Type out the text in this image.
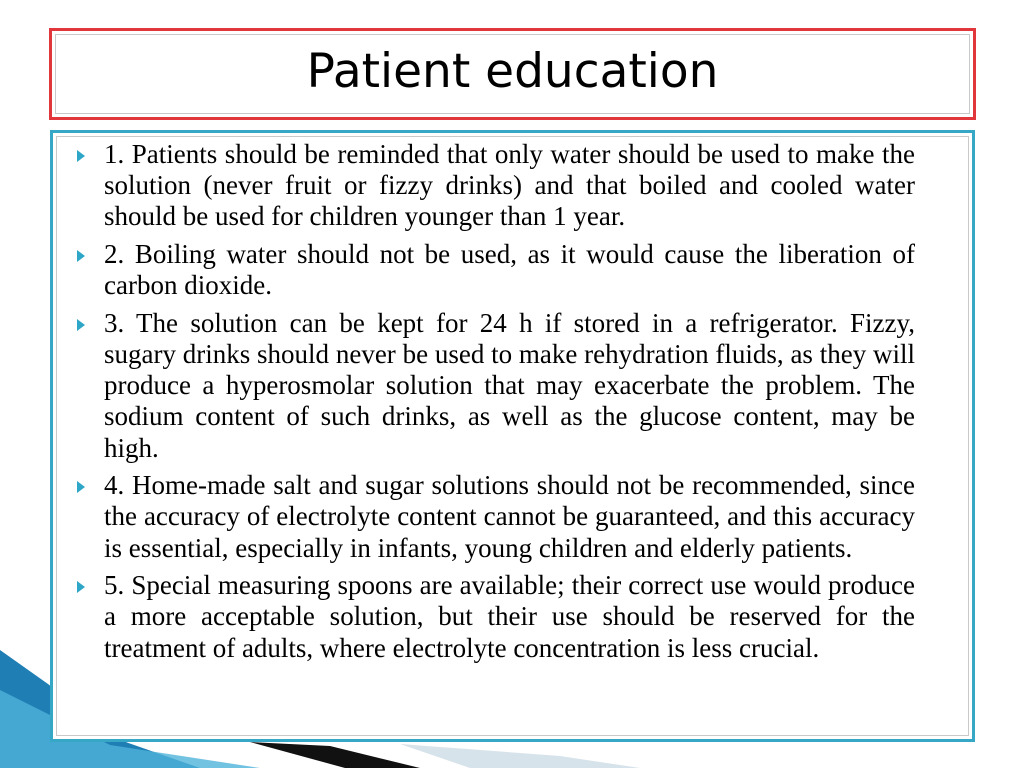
Patient education
1. Patients should be reminded that only water should be used to make the solution (never fruit or fizzy drinks) and that boiled and cooled water should be used for children younger than 1 year.
2. Boiling water should not be used, as it would cause the liberation of carbon dioxide.
3. The solution can be kept for 24 h if stored in a refrigerator. Fizzy, sugary drinks should never be used to make rehydration fluids, as they will produce a hyperosmolar solution that may exacerbate the problem. The sodium content of such drinks, as well as the glucose content, may be high.
4. Home-made salt and sugar solutions should not be recommended, since the accuracy of electrolyte content cannot be guaranteed, and this accuracy is essential, especially in infants, young children and elderly patients.
5. Special measuring spoons are available; their correct use would produce a more acceptable solution, but their use should be reserved for the treatment of adults, where electrolyte concentration is less crucial.
